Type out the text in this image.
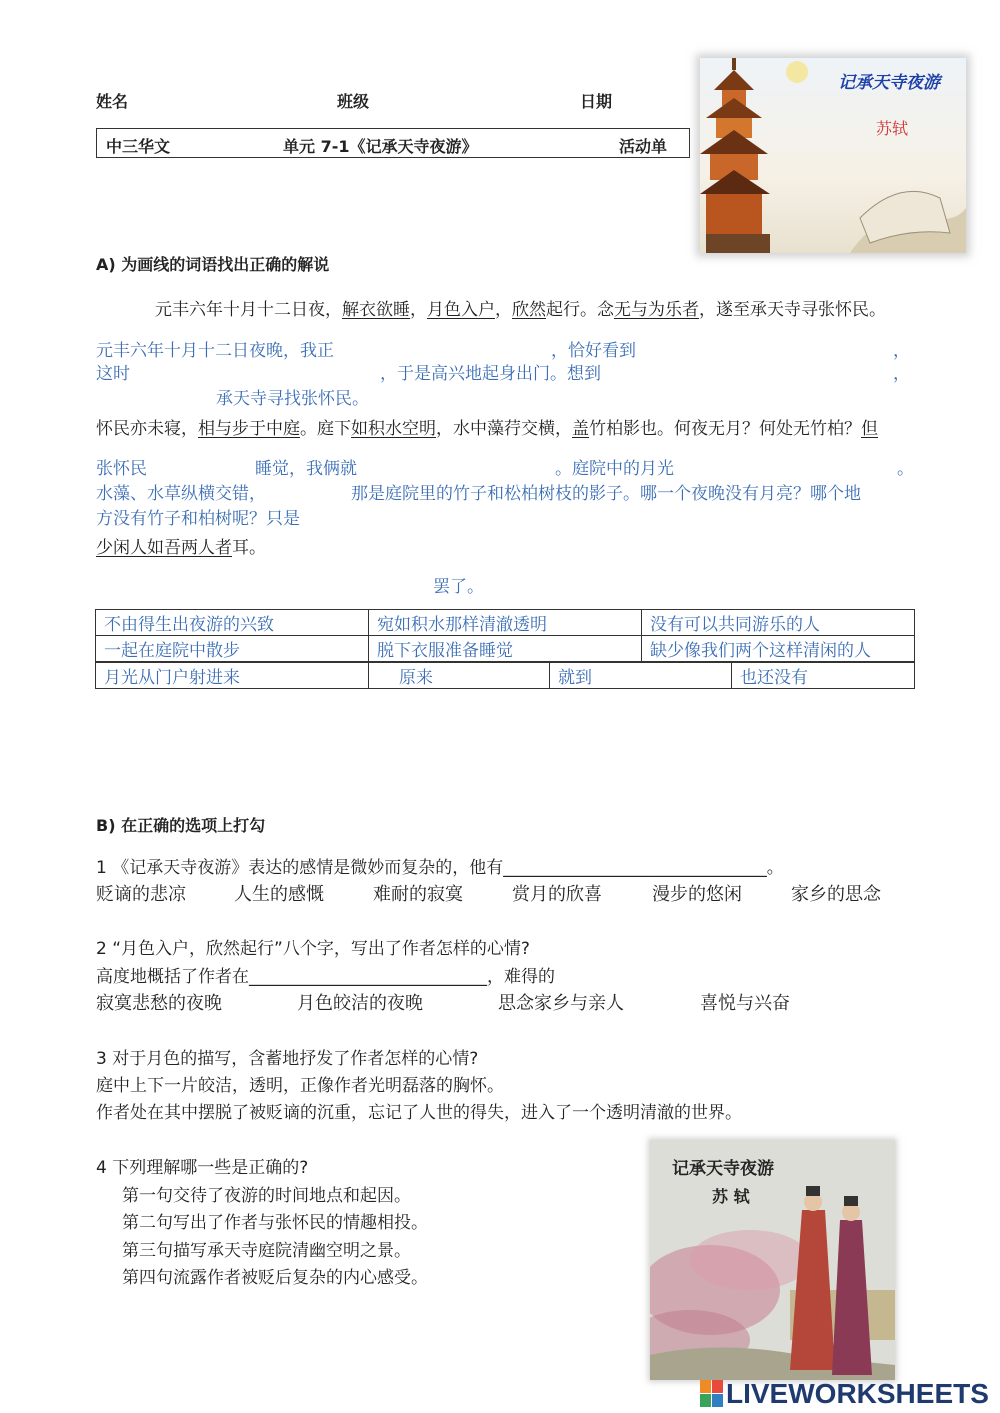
姓名	班级	日期
中三华文	单元 7-1《记承天寺夜游》	活动单
记承天寺夜游
苏轼
A) 为画线的词语找出正确的解说
元丰六年十月十二日夜，解衣欲睡，月色入户，欣然起行。念无与为乐者，遂至承天寺寻张怀民。
元丰六年十月十二日夜晚，我正	，恰好看到	，
这时	，于是高兴地起身出门。想到	，
承天寺寻找张怀民。
怀民亦未寝，相与步于中庭。庭下如积水空明，水中藻荇交横，盖竹柏影也。何夜无月？何处无竹柏？但
张怀民	睡觉，我俩就	。庭院中的月光	。
水藻、水草纵横交错，	那是庭院里的竹子和松柏树枝的影子。哪一个夜晚没有月亮？哪个地
方没有竹子和柏树呢？只是
少闲人如吾两人者耳。
罢了。
不由得生出夜游的兴致	宛如积水那样清澈透明	没有可以共同游乐的人
一起在庭院中散步	脱下衣服准备睡觉	缺少像我们两个这样清闲的人
月光从门户射进来	原来	就到	也还没有
B) 在正确的选项上打勾
1 《记承天寺夜游》表达的感情是微妙而复杂的，他有_______________________________。
贬谪的悲凉	人生的感慨	难耐的寂寞	赏月的欣喜	漫步的悠闲	家乡的思念
2 “月色入户，欣然起行”八个字，写出了作者怎样的心情?
高度地概括了作者在____________________________，难得的
寂寞悲愁的夜晚	月色皎洁的夜晚	思念家乡与亲人	喜悦与兴奋
3 对于月色的描写，含蓄地抒发了作者怎样的心情?
庭中上下一片皎洁，透明，正像作者光明磊落的胸怀。
作者处在其中摆脱了被贬谪的沉重，忘记了人世的得失，进入了一个透明清澈的世界。
4 下列理解哪一些是正确的?
第一句交待了夜游的时间地点和起因。
第二句写出了作者与张怀民的情趣相投。
第三句描写承天寺庭院清幽空明之景。
第四句流露作者被贬后复杂的内心感受。
记承天寺夜游
苏 轼
LIVEWORKSHEETS
